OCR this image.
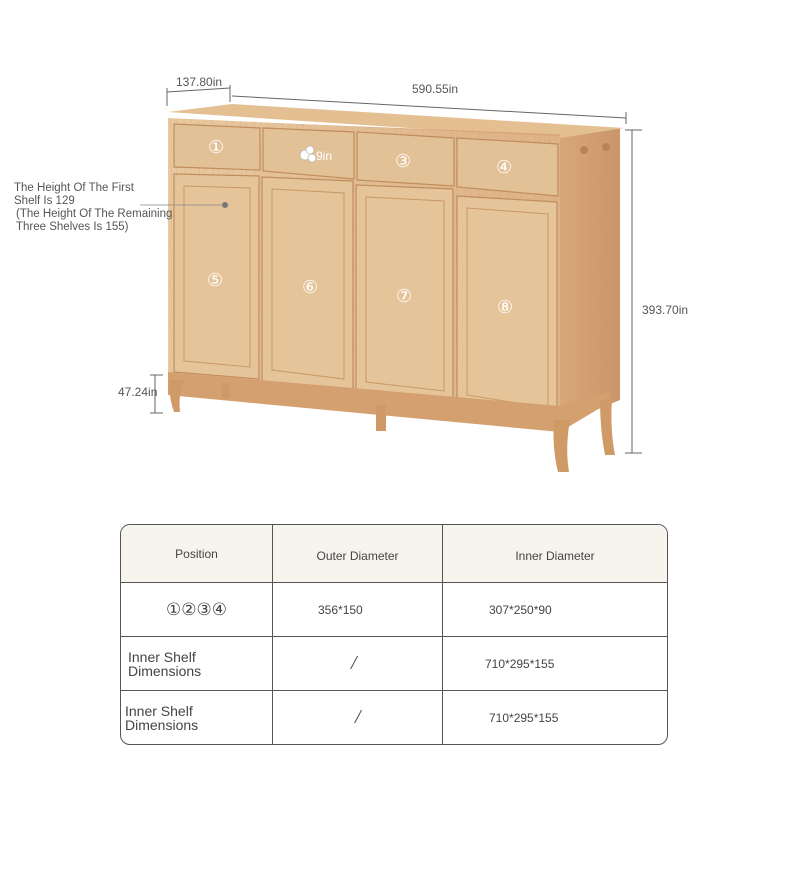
①
③	④
⑤	⑥	⑦
⑧
137.80in	590.55in
393.70in
47.24in
9in
The Height Of The First
Shelf Is 129
(The Height Of The Remaining
Three Shelves Is 155)
Position	Outer Diameter	Inner Diameter
①②③④	356*150	307*250*90

Inner Shelf Dimensions	/	710*295*155

Inner Shelf Dimensions	/	710*295*155
